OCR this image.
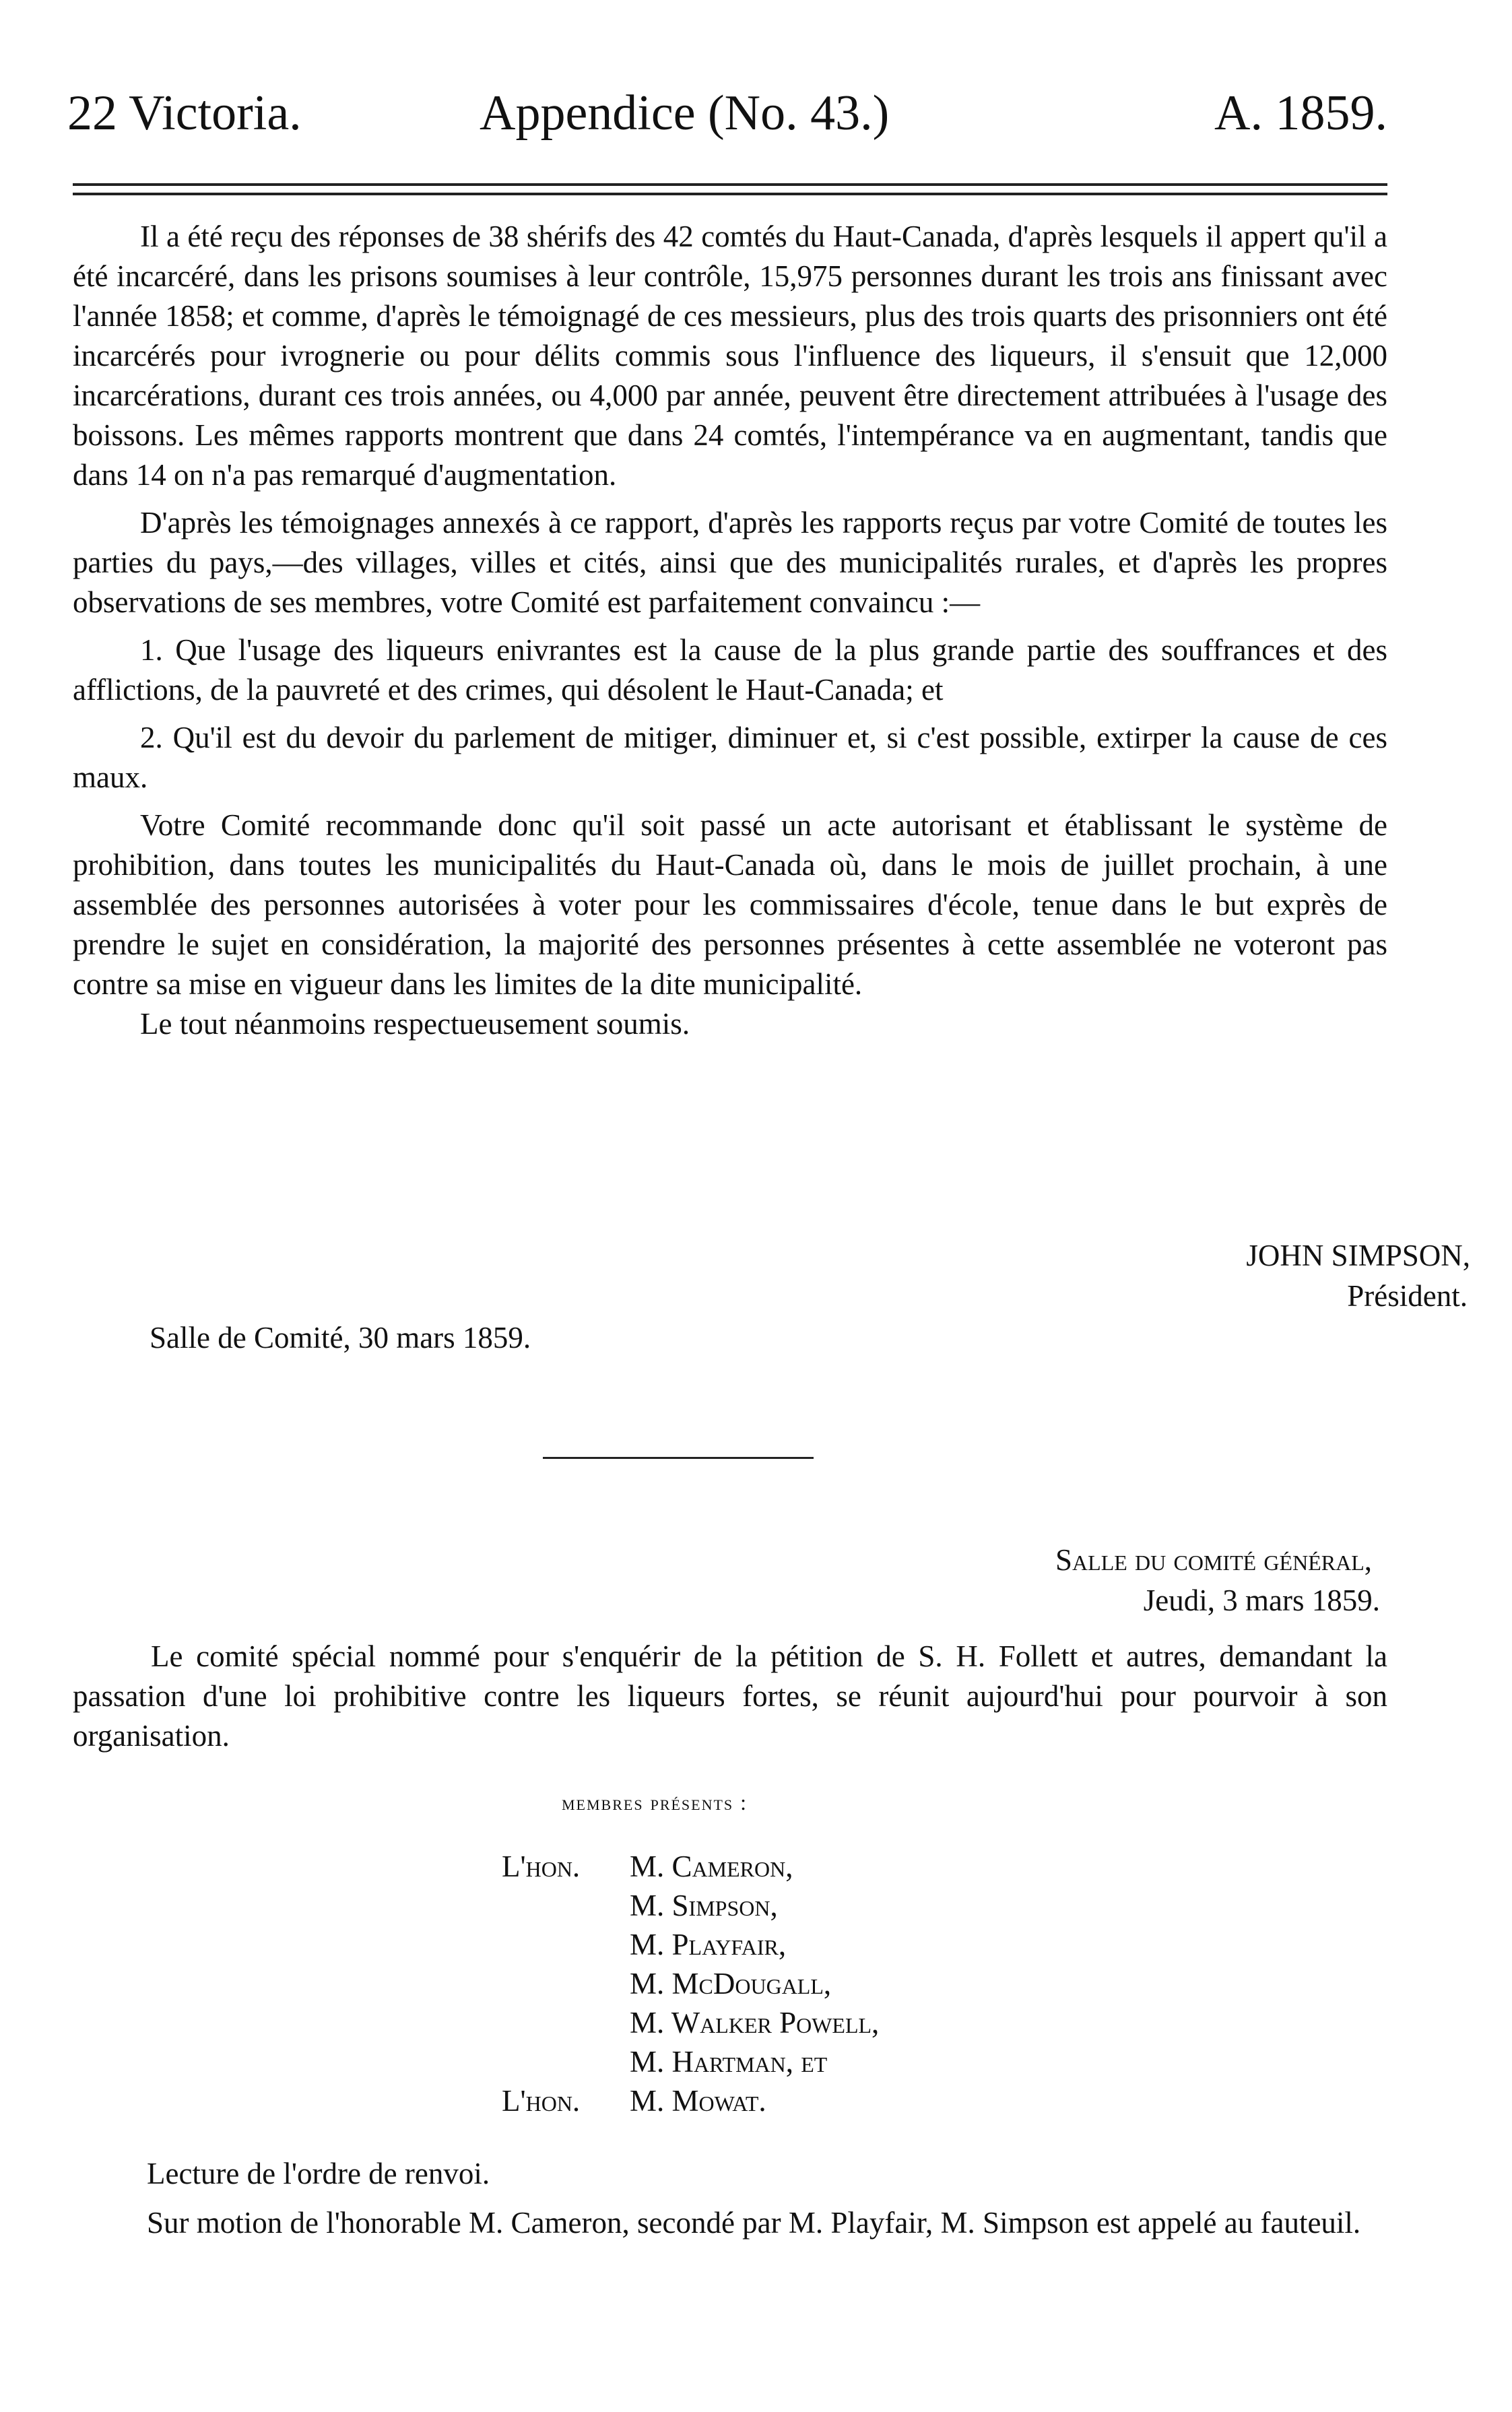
22 Victoria.	Appendice (No. 43.)	A. 1859.

Il a été reçu des réponses de 38 shérifs des 42 comtés du Haut-Canada, d'après lesquels il appert qu'il a été incarcéré, dans les prisons soumises à leur contrôle, 15,975 personnes durant les trois ans finissant avec l'année 1858; et comme, d'après le témoignagé de ces messieurs, plus des trois quarts des prisonniers ont été incarcérés pour ivrognerie ou pour délits commis sous l'influence des liqueurs, il s'ensuit que 12,000 incarcérations, durant ces trois années, ou 4,000 par année, peuvent être directement attribuées à l'usage des boissons. Les mêmes rapports montrent que dans 24 comtés, l'intempérance va en augmentant, tandis que dans 14 on n'a pas remarqué d'augmentation.

D'après les témoignages annexés à ce rapport, d'après les rapports reçus par votre Comité de toutes les parties du pays,—des villages, villes et cités, ainsi que des municipalités rurales, et d'après les propres observations de ses membres, votre Comité est parfaitement convaincu :—

1. Que l'usage des liqueurs enivrantes est la cause de la plus grande partie des souffrances et des afflictions, de la pauvreté et des crimes, qui désolent le Haut-Canada; et

2. Qu'il est du devoir du parlement de mitiger, diminuer et, si c'est possible, extirper la cause de ces maux.

Votre Comité recommande donc qu'il soit passé un acte autorisant et établissant le système de prohibition, dans toutes les municipalités du Haut-Canada où, dans le mois de juillet prochain, à une assemblée des personnes autorisées à voter pour les commissaires d'école, tenue dans le but exprès de prendre le sujet en considération, la majorité des personnes présentes à cette assemblée ne voteront pas contre sa mise en vigueur dans les limites de la dite municipalité.

Le tout néanmoins respectueusement soumis.

JOHN SIMPSON,
Président.
Salle de Comité, 30 mars 1859.
Salle du comité général,
Jeudi, 3 mars 1859.

Le comité spécial nommé pour s'enquérir de la pétition de S. H. Follett et autres, demandant la passation d'une loi prohibitive contre les liqueurs fortes, se réunit aujourd'hui pour pourvoir à son organisation.

membres présents :
L'hon. M. Cameron,
M. Simpson,
M. Playfair,
M. McDougall,
M. Walker Powell,
M. Hartman, et
L'hon. M. Mowat.

Lecture de l'ordre de renvoi.

Sur motion de l'honorable M. Cameron, secondé par M. Playfair, M. Simpson est appelé au fauteuil.
